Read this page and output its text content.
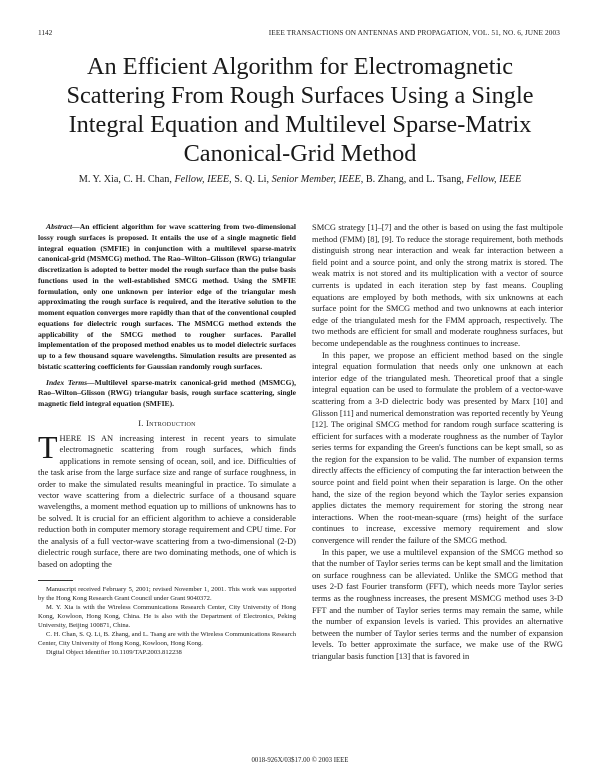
1142	IEEE TRANSACTIONS ON ANTENNAS AND PROPAGATION, VOL. 51, NO. 6, JUNE 2003
An Efficient Algorithm for Electromagnetic
Scattering From Rough Surfaces Using a Single
Integral Equation and Multilevel Sparse-Matrix
Canonical-Grid Method
M. Y. Xia, C. H. Chan, Fellow, IEEE, S. Q. Li, Senior Member, IEEE, B. Zhang, and L. Tsang, Fellow, IEEE

Abstract—An efficient algorithm for wave scattering from two-dimensional lossy rough surfaces is proposed. It entails the use of a single magnetic field integral equation (SMFIE) in conjunction with a multilevel sparse-matrix canonical-grid (MSMCG) method. The Rao–Wilton–Glisson (RWG) triangular discretization is adopted to better model the rough surface than the pulse basis functions used in the well-established SMCG method. Using the SMFIE formulation, only one unknown per interior edge of the triangular mesh approximating the rough surface is required, and the iterative solution to the moment equation converges more rapidly than that of the conventional coupled equations for dielectric rough surfaces. The MSMCG method extends the applicability of the SMCG method to rougher surfaces. Parallel implementation of the proposed method enables us to model dielectric surfaces up to a few thousand square wavelengths. Simulation results are presented as bistatic scattering coefficients for Gaussian randomly rough surfaces.

Index Terms—Multilevel sparse-matrix canonical-grid method (MSMCG), Rao–Wilton–Glisson (RWG) triangular basis, rough surface scattering, single magnetic field integral equation (SMFIE).

I. Introduction

THERE IS AN increasing interest in recent years to simulate electromagnetic scattering from rough surfaces, which finds applications in remote sensing of ocean, soil, and ice. Difficulties of the task arise from the large surface size and range of surface roughness, in order to make the simulated results meaningful in practice. To simulate a vector wave scattering from a dielectric surface of a thousand square wavelengths, a moment method equation up to millions of unknowns has to be solved. It is crucial for an efficient algorithm to achieve a considerable reduction both in computer memory storage requirement and CPU time. For the analysis of a full vector-wave scattering from a two-dimensional (2-D) dielectric rough surface, there are two dominating methods, one of which is based on adopting the

Manuscript received February 5, 2001; revised November 1, 2001. This work was supported by the Hong Kong Research Grant Council under Grant 9040372.

M. Y. Xia is with the Wireless Communications Research Center, City University of Hong Kong, Kowloon, Hong Kong, China. He is also with the Department of Electronics, Peking University, Beijing 100871, China.

C. H. Chan, S. Q. Li, B. Zhang, and L. Tsang are with the Wireless Communications Research Center, City University of Hong Kong, Kowloon, Hong Kong.

Digital Object Identifier 10.1109/TAP.2003.812238

SMCG strategy [1]–[7] and the other is based on using the fast multipole method (FMM) [8], [9]. To reduce the storage requirement, both methods distinguish strong near interaction and weak far interaction between a field point and a source point, and only the strong matrix is stored. The weak matrix is not stored and its multiplication with a vector of source currents is updated in each iteration step by fast means. Coupling equations are employed by both methods, with six unknowns at each surface point for the SMCG method and two unknowns at each interior edge of the triangulated mesh for the FMM approach, respectively. The two methods are efficient for small and moderate roughness surfaces, but become undependable as the roughness continues to increase.

In this paper, we propose an efficient method based on the single integral equation formulation that needs only one unknown at each interior edge of the triangulated mesh. Theoretical proof that a single integral equation can be used to formulate the problem of a vector-wave scattering from a 3-D dielectric body was presented by Marx [10] and Glisson [11] and numerical demonstration was reported recently by Yeung [12]. The original SMCG method for random rough surface scattering is efficient for surfaces with a moderate roughness as the number of Taylor series terms for expanding the Green's functions can be kept small, so as the region for the expansion to be valid. The number of expansion terms directly affects the efficiency of computing the far interaction between the source point and field point when their separation is large. On the other hand, the size of the region beyond which the Taylor series expansion applies dictates the memory requirement for storing the strong near interactions. When the root-mean-square (rms) height of the surface continues to increase, excessive memory requirement and slow convergence will render the failure of the SMCG method.

In this paper, we use a multilevel expansion of the SMCG method so that the number of Taylor series terms can be kept small and the limitation on surface roughness can be alleviated. Unlike the SMCG method that uses 2-D fast Fourier transform (FFT), which needs more Taylor series terms as the roughness increases, the present MSMCG method uses 3-D FFT and the number of Taylor series terms may remain the same, while the number of expansion levels is varied. This provides an alternative between the number of Taylor series terms and the number of expansion levels. To better approximate the surface, we make use of the RWG triangular basis function [13] that is favored in

0018-926X/03$17.00 © 2003 IEEE
